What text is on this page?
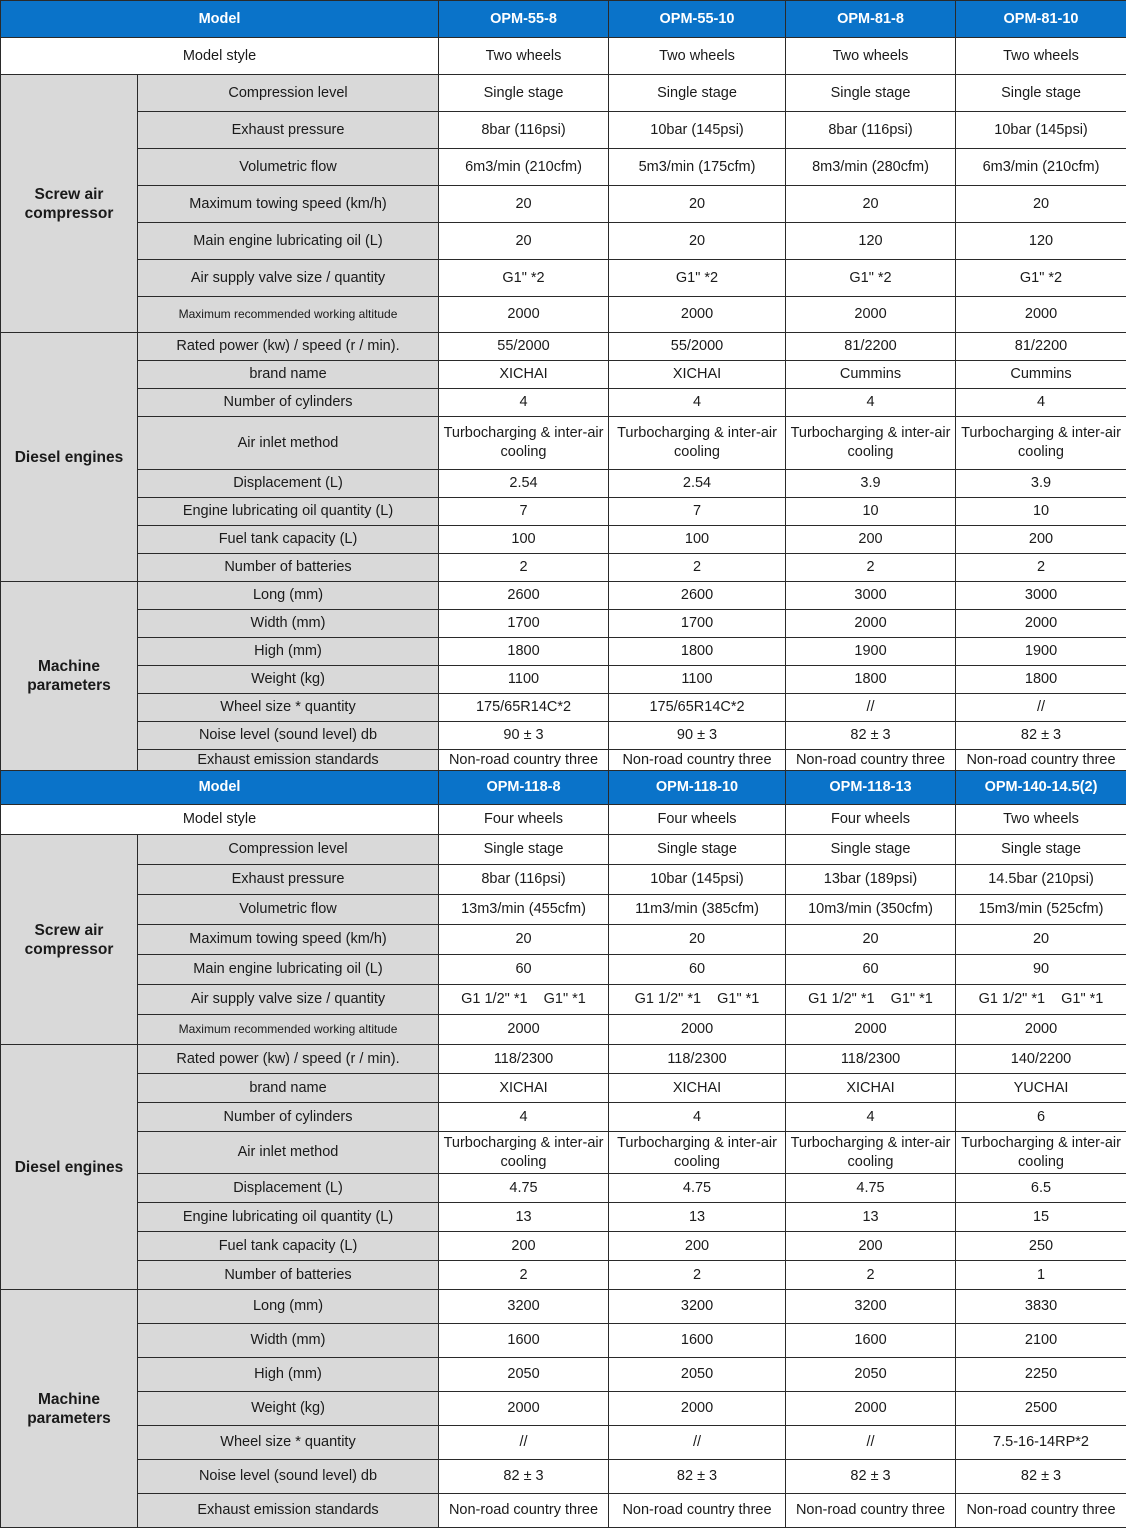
Model		OPM-55-8	OPM-55-10	OPM-81-8	OPM-81-10
Model style		Two wheels	Two wheels	Two wheels	Two wheels
Screw air compressor	Compression level	Single stage	Single stage	Single stage	Single stage
	Exhaust pressure	8bar (116psi)	10bar (145psi)	8bar (116psi)	10bar (145psi)
	Volumetric flow	6m3/min (210cfm)	5m3/min (175cfm)	8m3/min (280cfm)	6m3/min (210cfm)
	Maximum towing speed (km/h)	20	20	20	20
	Main engine lubricating oil (L)	20	20	120	120
	Air supply valve size / quantity	G1" *2	G1" *2	G1" *2	G1" *2
	Maximum recommended working altitude	2000	2000	2000	2000
Diesel engines	Rated power (kw) / speed (r / min).	55/2000	55/2000	81/2200	81/2200
	brand name	XICHAI	XICHAI	Cummins	Cummins
	Number of cylinders	4	4	4	4
	Air inlet method	Turbocharging & inter-air cooling	Turbocharging & inter-air cooling	Turbocharging & inter-air cooling	Turbocharging & inter-air cooling
	Displacement (L)	2.54	2.54	3.9	3.9
	Engine lubricating oil quantity (L)	7	7	10	10
	Fuel tank capacity (L)	100	100	200	200
	Number of batteries	2	2	2	2
Machine parameters	Long (mm)	2600	2600	3000	3000
	Width (mm)	1700	1700	2000	2000
	High (mm)	1800	1800	1900	1900
	Weight (kg)	1100	1100	1800	1800
	Wheel size * quantity	175/65R14C*2	175/65R14C*2	//	//
	Noise level (sound level) db	90 ± 3	90 ± 3	82 ± 3	82 ± 3
	Exhaust emission standards	Non-road country three	Non-road country three	Non-road country three	Non-road country three
Model		OPM-118-8	OPM-118-10	OPM-118-13	OPM-140-14.5(2)
Model style		Four wheels	Four wheels	Four wheels	Two wheels
Screw air compressor	Compression level	Single stage	Single stage	Single stage	Single stage
	Exhaust pressure	8bar (116psi)	10bar (145psi)	13bar (189psi)	14.5bar (210psi)
	Volumetric flow	13m3/min (455cfm)	11m3/min (385cfm)	10m3/min (350cfm)	15m3/min (525cfm)
	Maximum towing speed (km/h)	20	20	20	20
	Main engine lubricating oil (L)	60	60	60	90
	Air supply valve size / quantity	G1 1/2" *1    G1" *1	G1 1/2" *1    G1" *1	G1 1/2" *1    G1" *1	G1 1/2" *1    G1" *1
	Maximum recommended working altitude	2000	2000	2000	2000
Diesel engines	Rated power (kw) / speed (r / min).	118/2300	118/2300	118/2300	140/2200
	brand name	XICHAI	XICHAI	XICHAI	YUCHAI
	Number of cylinders	4	4	4	6
	Air inlet method	Turbocharging & inter-air cooling	Turbocharging & inter-air cooling	Turbocharging & inter-air cooling	Turbocharging & inter-air cooling
	Displacement (L)	4.75	4.75	4.75	6.5
	Engine lubricating oil quantity (L)	13	13	13	15
	Fuel tank capacity (L)	200	200	200	250
	Number of batteries	2	2	2	1
Machine parameters	Long (mm)	3200	3200	3200	3830
	Width (mm)	1600	1600	1600	2100
	High (mm)	2050	2050	2050	2250
	Weight (kg)	2000	2000	2000	2500
	Wheel size * quantity	//	//	//	7.5-16-14RP*2
	Noise level (sound level) db	82 ± 3	82 ± 3	82 ± 3	82 ± 3
	Exhaust emission standards	Non-road country three	Non-road country three	Non-road country three	Non-road country three
